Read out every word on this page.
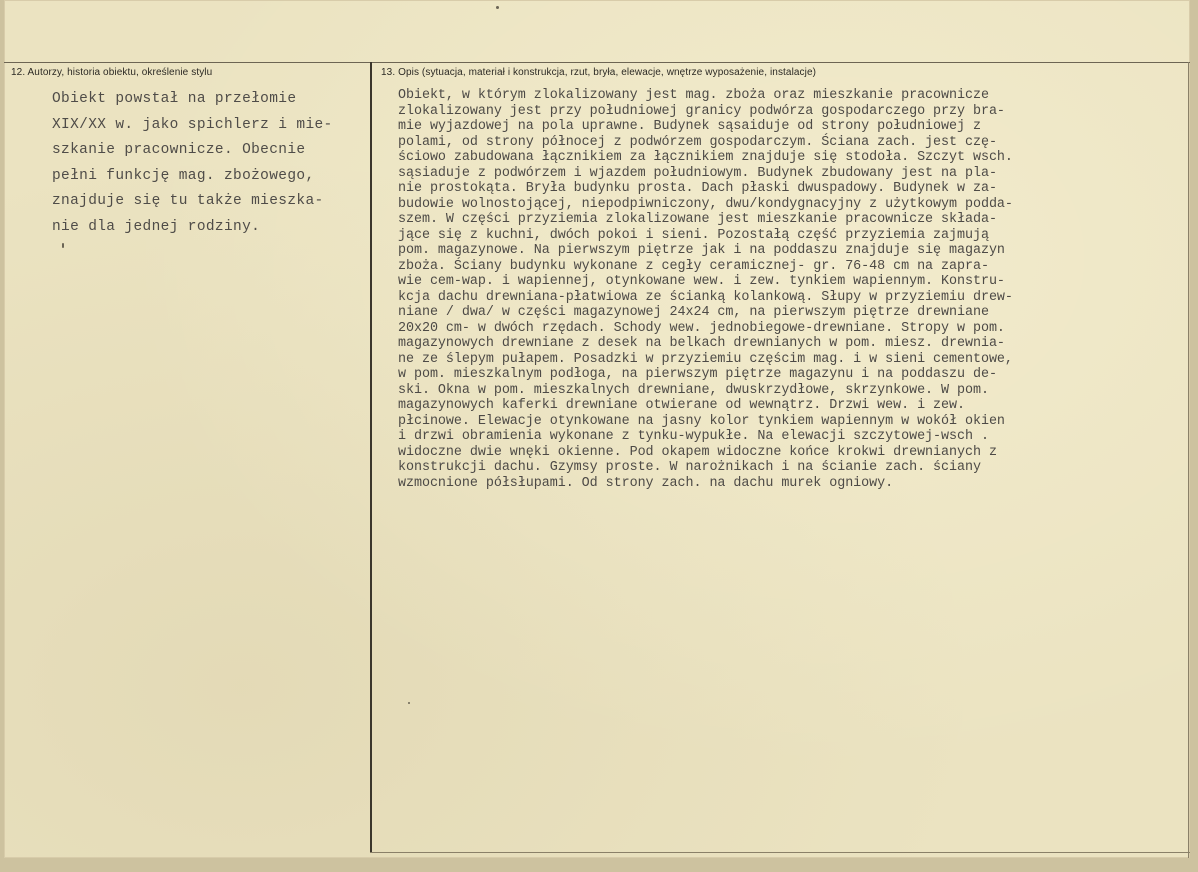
12. Autorzy, historia obiektu, określenie stylu	13. Opis (sytuacja, materiał i konstrukcja, rzut, bryła, elewacje, wnętrze wyposażenie, instalacje)
Obiekt powstał na przełomie
XIX/XX w. jako spichlerz i mie-
szkanie pracownicze. Obecnie
pełni funkcję mag. zbożowego,
znajduje się tu także mieszka-
nie dla jednej rodziny.
Obiekt, w którym zlokalizowany jest mag. zboża oraz mieszkanie pracownicze
zlokalizowany jest przy południowej granicy podwórza gospodarczego przy bra-
mie wyjazdowej na pola uprawne. Budynek sąsaiduje od strony południowej z
polami, od strony północej z podwórzem gospodarczym. Ściana zach. jest czę-
ściowo zabudowana łącznikiem za łącznikiem znajduje się stodoła. Szczyt wsch.
sąsiaduje z podwórzem i wjazdem południowym. Budynek zbudowany jest na pla-
nie prostokąta. Bryła budynku prosta. Dach płaski dwuspadowy. Budynek w za-
budowie wolnostojącej, niepodpiwniczony, dwu/kondygnacyjny z użytkowym podda-
szem. W części przyziemia zlokalizowane jest mieszkanie pracownicze składa-
jące się z kuchni, dwóch pokoi i sieni. Pozostałą część przyziemia zajmują
pom. magazynowe. Na pierwszym piętrze jak i na poddaszu znajduje się magazyn
zboża. Ściany budynku wykonane z cegły ceramicznej- gr. 76-48 cm na zapra-
wie cem-wap. i wapiennej, otynkowane wew. i zew. tynkiem wapiennym. Konstru-
kcja dachu drewniana-płatwiowa ze ścianką kolankową. Słupy w przyziemiu drew-
niane / dwa/ w części magazynowej 24x24 cm, na pierwszym piętrze drewniane
20x20 cm- w dwóch rzędach. Schody wew. jednobiegowe-drewniane. Stropy w pom.
magazynowych drewniane z desek na belkach drewnianych w pom. miesz. drewnia-
ne ze ślepym pułapem. Posadzki w przyziemiu częścim mag. i w sieni cementowe,
w pom. mieszkalnym podłoga, na pierwszym piętrze magazynu i na poddaszu de-
ski. Okna w pom. mieszkalnych drewniane, dwuskrzydłowe, skrzynkowe. W pom.
magazynowych kaferki drewniane otwierane od wewnątrz. Drzwi wew. i zew.
płcinowe. Elewacje otynkowane na jasny kolor tynkiem wapiennym w wokół okien
i drzwi obramienia wykonane z tynku-wypukłe. Na elewacji szczytowej-wsch .
widoczne dwie wnęki okienne. Pod okapem widoczne końce krokwi drewnianych z
konstrukcji dachu. Gzymsy proste. W narożnikach i na ścianie zach. ściany
wzmocnione półsłupami. Od strony zach. na dachu murek ogniowy.
